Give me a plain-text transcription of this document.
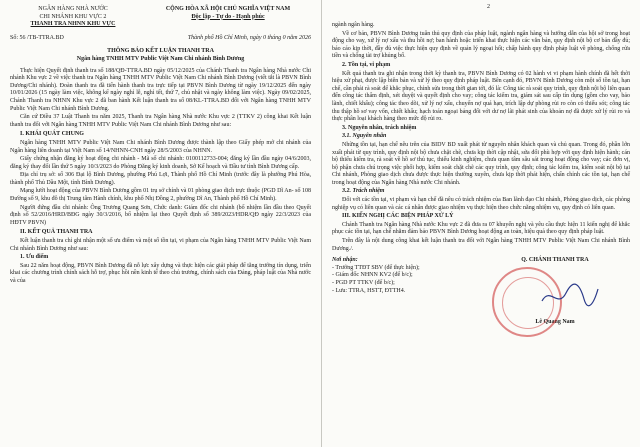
NGÂN HÀNG NHÀ NƯỚC
CHI NHÁNH KHU VỰC 2
THANH TRA NHNN KHU VỰC
CỘNG HÒA XÃ HỘI CHỦ NGHĨA VIỆT NAM
Độc lập - Tự do - Hạnh phúc
Số: 56 /TB-TTRA.BD	Thành phố Hồ Chí Minh, ngày 0 tháng 0 năm 2026
THÔNG BÁO KẾT LUẬN THANH TRA
Ngân hàng TNHH MTV Public Việt Nam Chi nhánh Bình Dương

Thực hiện Quyết định thanh tra số 188/QĐ-TTRA.BD ngày 05/12/2025 của Chánh Thanh tra Ngân hàng Nhà nước Chi nhánh Khu vực 2 về việc thanh tra Ngân hàng TNHH MTV Public Việt Nam Chi nhánh Bình Dương (viết tắt là PBVN Bình Dương/Chi nhánh). Đoàn thanh tra đã tiến hành thanh tra trực tiếp tại PBVN Bình Dương từ ngày 19/12/2025 đến ngày 10/01/2026 (15 ngày làm việc, không kể ngày nghỉ lễ, nghỉ tết, thứ 7, chủ nhật và ngày không làm việc). Ngày 09/02/2025, Chánh Thanh tra NHNN Khu vực 2 đã ban hành Kết luận thanh tra số 08/KL-TTRA.BD đối với Ngân hàng TNHH MTV Public Việt Nam Chi nhánh Bình Dương.

Căn cứ Điều 37 Luật Thanh tra năm 2025, Thanh tra Ngân hàng Nhà nước Khu vực 2 (TTKV 2) công khai Kết luận thanh tra đối với Ngân hàng TNHH MTV Public Việt Nam Chi nhánh Bình Dương như sau:

I. KHÁI QUÁT CHUNG

Ngân hàng TNHH MTV Public Việt Nam Chi nhánh Bình Dương được thành lập theo Giấy phép mở chi nhánh của Ngân hàng liên doanh tại Việt Nam số 14/NHNN-CNH ngày 28/5/2003 của NHNN.

Giấy chứng nhận đăng ký hoạt động chi nhánh - Mã số chi nhánh: 0100112733-004; đăng ký lần đầu ngày 04/6/2003, đăng ký thay đổi lần thứ 5 ngày 10/3/2023 do Phòng Đăng ký kinh doanh, Sở Kế hoạch và Đầu tư tỉnh Bình Dương cấp.

Địa chỉ trụ sở: số 306 Đại lộ Bình Dương, phường Phú Lợi, Thành phố Hồ Chí Minh (trước đây là phường Phú Hòa, thành phố Thủ Dầu Một, tỉnh Bình Dương).

Mạng lưới hoạt động của PBVN Bình Dương gồm 01 trụ sở chính và 01 phòng giao dịch trực thuộc (PGD Dĩ An- số 108 Đường số 9, khu đô thị Trung tâm Hành chính, khu phố Nhị Đồng 2, phường Dĩ An, Thành phố Hồ Chí Minh).

Người đứng đầu chi nhánh: Ông Trương Quang Sơn, Chức danh: Giám đốc chi nhánh (bổ nhiệm lần đầu theo Quyết định số 52/2016/HRD/BĐG ngày 30/3/2016, bổ nhiệm lại theo Quyết định số 389/2023/HDR/QĐ ngày 22/3/2023 của HĐTV PBVN)

II. KẾT QUẢ THANH TRA

Kết luận thanh tra chỉ ghi nhận một số ưu điểm và một số tồn tại, vi phạm của Ngân hàng TNHH MTV Public Việt Nam Chi nhánh Bình Dương như sau:

1. Ưu điểm

Sau 22 năm hoạt động, PBVN Bình Dương đã nỗ lực xây dựng và thực hiện các giải pháp để tăng trưởng tín dụng, triển khai các chương trình chính sách hỗ trợ, phục hồi nền kinh tế theo chủ trương, chính sách của Đảng, pháp luật của Nhà nước và của

2

ngành ngân hàng.

Về cơ bản, PBVN Bình Dương tuân thủ quy định của pháp luật, ngành ngân hàng và hướng dẫn của hội sở trong hoạt động cho vay, xử lý nợ xấu và thu hồi nợ; ban hành hoặc triển khai thực hiện các văn bản, quy định nội bộ cơ bản đầy đủ; báo cáo kịp thời, đầy đủ việc thực hiện quy định về quản lý ngoại hối; chấp hành quy định pháp luật về phòng, chống rửa tiền và chống tài trợ khủng bố.

2. Tồn tại, vi phạm

Kết quả thanh tra ghi nhận trong thời kỳ thanh tra, PBVN Bình Dương có 02 hành vi vi phạm hành chính đã hết thời hiệu xử phạt, được lập biên bản và xử lý theo quy định pháp luật. Bên cạnh đó, PBVN Bình Dương còn một số tồn tại, hạn chế, cần phải rà soát để khắc phục, chỉnh sửa trong thời gian tới, đó là: Công tác rà soát quy trình, quy định nội bộ liên quan đến công tác thẩm định, xét duyệt và quyết định cho vay; công tác kiểm tra, giám sát sau cấp tín dụng (gồm cho vay, bảo lãnh, chiết khấu); công tác theo dõi, xử lý nợ xấu, chuyển nợ quá hạn, trích lập dự phòng rủi ro còn có thiếu sót; công tác thu thập hồ sơ vay vốn, chiết khấu; hạch toán ngoại bảng đối với dư nợ lãi phát sinh của khoản nợ đã được xử lý rủi ro và thực phân loại khách hàng theo mức độ rủi ro.

3. Nguyên nhân, trách nhiệm

3.1. Nguyên nhân

Những tồn tại, hạn chế nêu trên của BIDV BD xuất phát từ nguyên nhân khách quan và chủ quan. Trong đó, phần lớn xuất phát từ quy trình, quy định nội bộ chưa chặt chẽ, chưa kịp thời cập nhật, sửa đổi phù hợp với quy định hiện hành; cán bộ thiếu kiểm tra, rà soát về hồ sơ thủ tục, thiếu kinh nghiệm, chưa quan tâm sâu sát trong hoạt động cho vay; các đơn vị, bộ phận chưa chú trọng việc phối hợp, kiểm soát chặt chẽ các quy trình, quy định; công tác kiểm tra, kiểm soát nội bộ tại Chi nhánh, Phòng giao dịch chưa được thực hiện thường xuyên, chưa kịp thời phát hiện, chấn chỉnh các tồn tại, hạn chế trong hoạt động của Ngân hàng Nhà nước Chi nhánh.

3.2. Trách nhiệm

Đối với các tồn tại, vi phạm và hạn chế đã nêu có trách nhiệm của Ban lãnh đạo Chi nhánh, Phòng giao dịch, các phòng nghiệp vụ có liên quan và các cá nhân được giao nhiệm vụ thực hiện theo chức năng nhiệm vụ, quy định có liên quan.

III. KIẾN NGHỊ CÁC BIỆN PHÁP XỬ LÝ

Chánh Thanh tra Ngân hàng Nhà nước Khu vực 2 đã đưa ra 07 khuyến nghị và yêu cầu thực hiện 11 kiến nghị để khắc phục các tồn tại, hạn chế nhằm đảm bảo PBVN Bình Dương hoạt động an toàn, hiệu quả theo quy định pháp luật.

Trên đây là nội dung công khai kết luận thanh tra đối với Ngân hàng TNHH MTV Public Việt Nam Chi nhánh Bình Dương./.

Nơi nhận:
- Trưởng TTĐT SBV (để thực hiện);
- Giám đốc NHNN KV2 (để b/c);
- PGD PT TTKV (để b/c);
- Lưu: TTRA, HSTT, ĐTTH4.
Q. CHÁNH THANH TRA
Lê Quang Nam
